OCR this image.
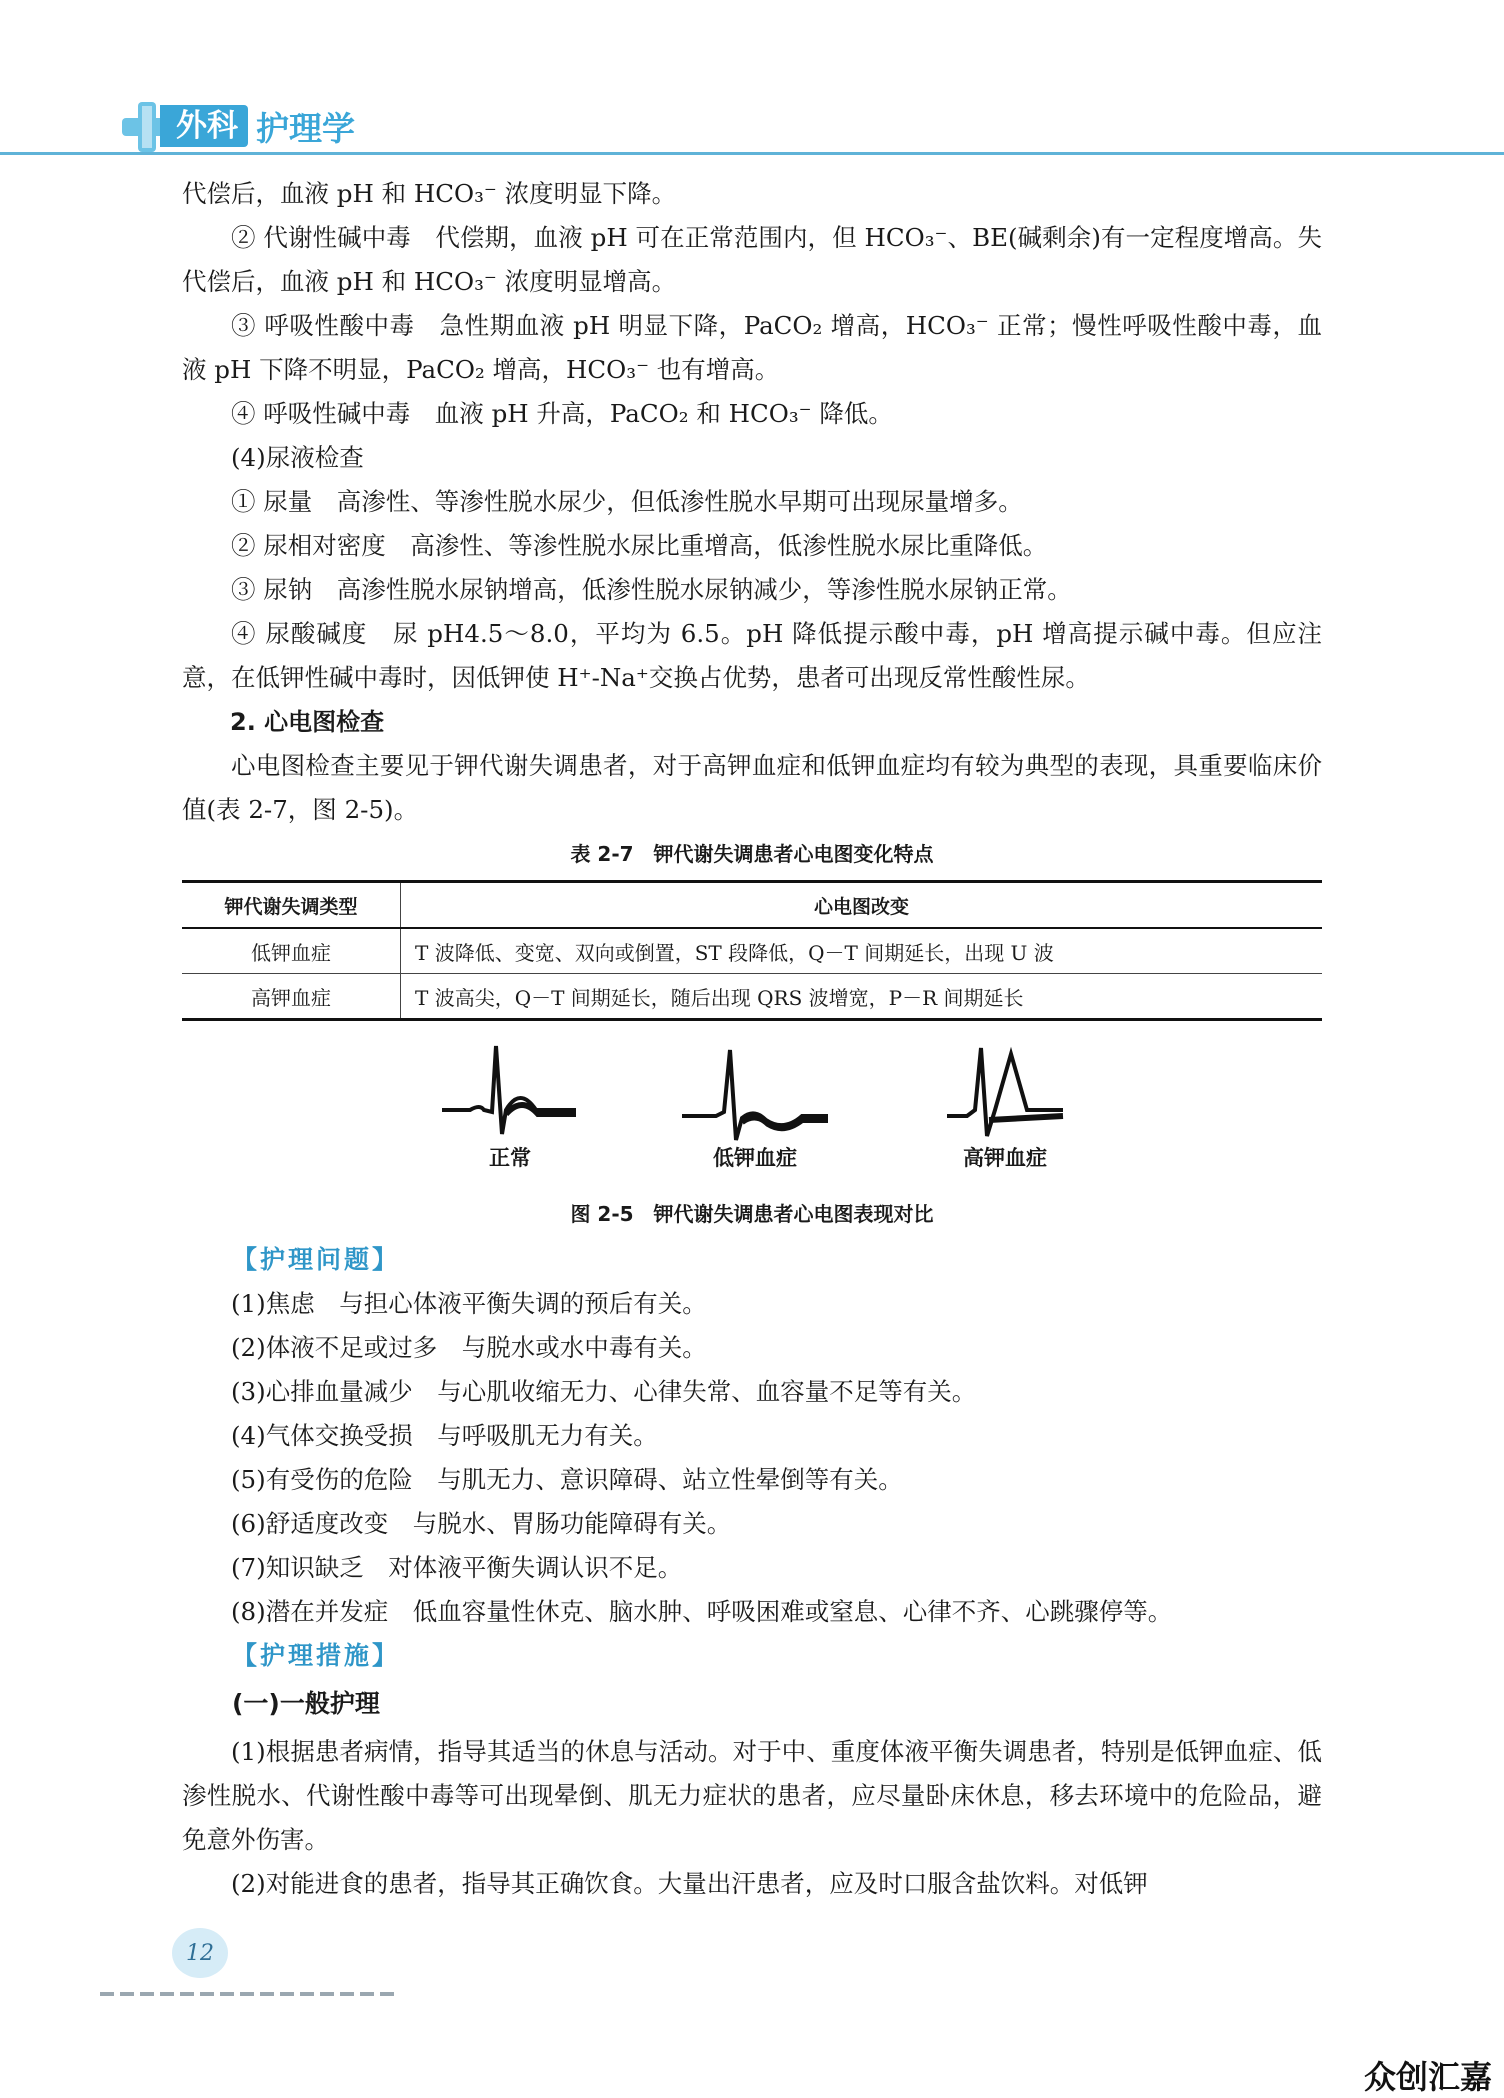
外科 护理学

代偿后，血液 pH 和 HCO₃⁻ 浓度明显下降。

② 代谢性碱中毒　代偿期，血液 pH 可在正常范围内，但 HCO₃⁻、BE(碱剩余)有一定程度增高。失代偿后，血液 pH 和 HCO₃⁻ 浓度明显增高。

③ 呼吸性酸中毒　急性期血液 pH 明显下降，PaCO₂ 增高，HCO₃⁻ 正常；慢性呼吸性酸中毒，血液 pH 下降不明显，PaCO₂ 增高，HCO₃⁻ 也有增高。

④ 呼吸性碱中毒　血液 pH 升高，PaCO₂ 和 HCO₃⁻ 降低。

(4)尿液检查

① 尿量　高渗性、等渗性脱水尿少，但低渗性脱水早期可出现尿量增多。

② 尿相对密度　高渗性、等渗性脱水尿比重增高，低渗性脱水尿比重降低。

③ 尿钠　高渗性脱水尿钠增高，低渗性脱水尿钠减少，等渗性脱水尿钠正常。

④ 尿酸碱度　尿 pH4.5～8.0，平均为 6.5。pH 降低提示酸中毒，pH 增高提示碱中毒。但应注意，在低钾性碱中毒时，因低钾使 H⁺-Na⁺交换占优势，患者可出现反常性酸性尿。

2. 心电图检查

心电图检查主要见于钾代谢失调患者，对于高钾血症和低钾血症均有较为典型的表现，具重要临床价值(表 2-7，图 2-5)。

表 2-7　钾代谢失调患者心电图变化特点
钾代谢失调类型	心电图改变
低钾血症	T 波降低、变宽、双向或倒置，ST 段降低，Q－T 间期延长，出现 U 波
高钾血症	T 波高尖，Q－T 间期延长，随后出现 QRS 波增宽，P－R 间期延长
正常	低钾血症	高钾血症
图 2-5　钾代谢失调患者心电图表现对比

【护理问题】

(1)焦虑　与担心体液平衡失调的预后有关。

(2)体液不足或过多　与脱水或水中毒有关。

(3)心排血量减少　与心肌收缩无力、心律失常、血容量不足等有关。

(4)气体交换受损　与呼吸肌无力有关。

(5)有受伤的危险　与肌无力、意识障碍、站立性晕倒等有关。

(6)舒适度改变　与脱水、胃肠功能障碍有关。

(7)知识缺乏　对体液平衡失调认识不足。

(8)潜在并发症　低血容量性休克、脑水肿、呼吸困难或窒息、心律不齐、心跳骤停等。

【护理措施】

(一)一般护理

(1)根据患者病情，指导其适当的休息与活动。对于中、重度体液平衡失调患者，特别是低钾血症、低渗性脱水、代谢性酸中毒等可出现晕倒、肌无力症状的患者，应尽量卧床休息，移去环境中的危险品，避免意外伤害。

(2)对能进食的患者，指导其正确饮食。大量出汗患者，应及时口服含盐饮料。对低钾

12
众创汇嘉
